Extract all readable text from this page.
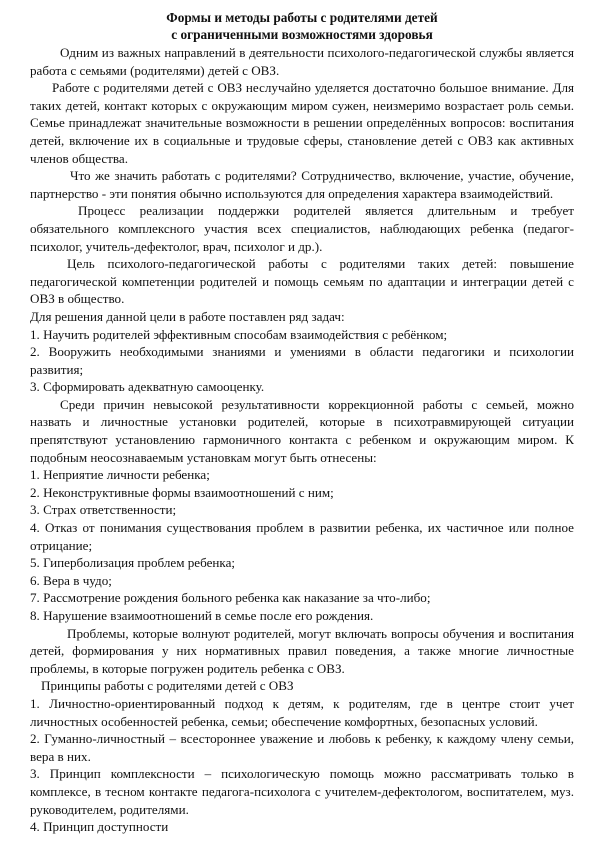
Формы и методы работы с родителями детей
с ограниченными возможностями здоровья

Одним из важных направлений в деятельности психолого-педагогической службы является работа с семьями (родителями) детей с ОВЗ.

Работе с родителями детей с ОВЗ неслучайно уделяется достаточно большое внимание. Для таких детей, контакт которых с окружающим миром сужен, неизмеримо возрастает роль семьи. Семье принадлежат значительные возможности в решении определённых вопросов: воспитания детей, включение их в социальные и трудовые сферы, становление детей с ОВЗ как активных членов общества.

Что же значить работать с родителями? Сотрудничество, включение, участие, обучение, партнерство - эти понятия обычно используются для определения характера взаимодействий.

Процесс реализации поддержки родителей является длительным и требует обязательного комплексного участия всех специалистов, наблюдающих ребенка (педагог-психолог, учитель-дефектолог, врач, психолог и др.).

Цель психолого-педагогической работы с родителями таких детей: повышение педагогической компетенции родителей и помощь семьям по адаптации и интеграции детей с ОВЗ в общество.

Для решения данной цели в работе поставлен ряд задач:

1. Научить родителей эффективным способам взаимодействия с ребёнком;

2. Вооружить необходимыми знаниями и умениями в области педагогики и психологии развития;

3. Сформировать адекватную самооценку.

Среди причин невысокой результативности коррекционной работы с семьей, можно назвать и личностные установки родителей, которые в психотравмирующей ситуации препятствуют установлению гармоничного контакта с ребенком и окружающим миром. К подобным неосознаваемым установкам могут быть отнесены:

1. Неприятие личности ребенка;

2. Неконструктивные формы взаимоотношений с ним;

3. Страх ответственности;

4. Отказ от понимания существования проблем в развитии ребенка, их частичное или полное отрицание;

5. Гиперболизация проблем ребенка;

6. Вера в чудо;

7. Рассмотрение рождения больного ребенка как наказание за что-либо;

8. Нарушение взаимоотношений в семье после его рождения.

Проблемы, которые волнуют родителей, могут включать вопросы обучения и воспитания детей, формирования у них нормативных правил поведения, а также многие личностные проблемы, в которые погружен родитель ребенка с ОВЗ.

Принципы работы с родителями детей с ОВЗ

1. Личностно-ориентированный подход к детям, к родителям, где в центре стоит учет личностных особенностей ребенка, семьи; обеспечение комфортных, безопасных условий.

2. Гуманно-личностный – всестороннее уважение и любовь к ребенку, к каждому члену семьи, вера в них.

3. Принцип комплексности – психологическую помощь можно рассматривать только в комплексе, в тесном контакте педагога-психолога с учителем-дефектологом, воспитателем, муз. руководителем, родителями.

4. Принцип доступности
